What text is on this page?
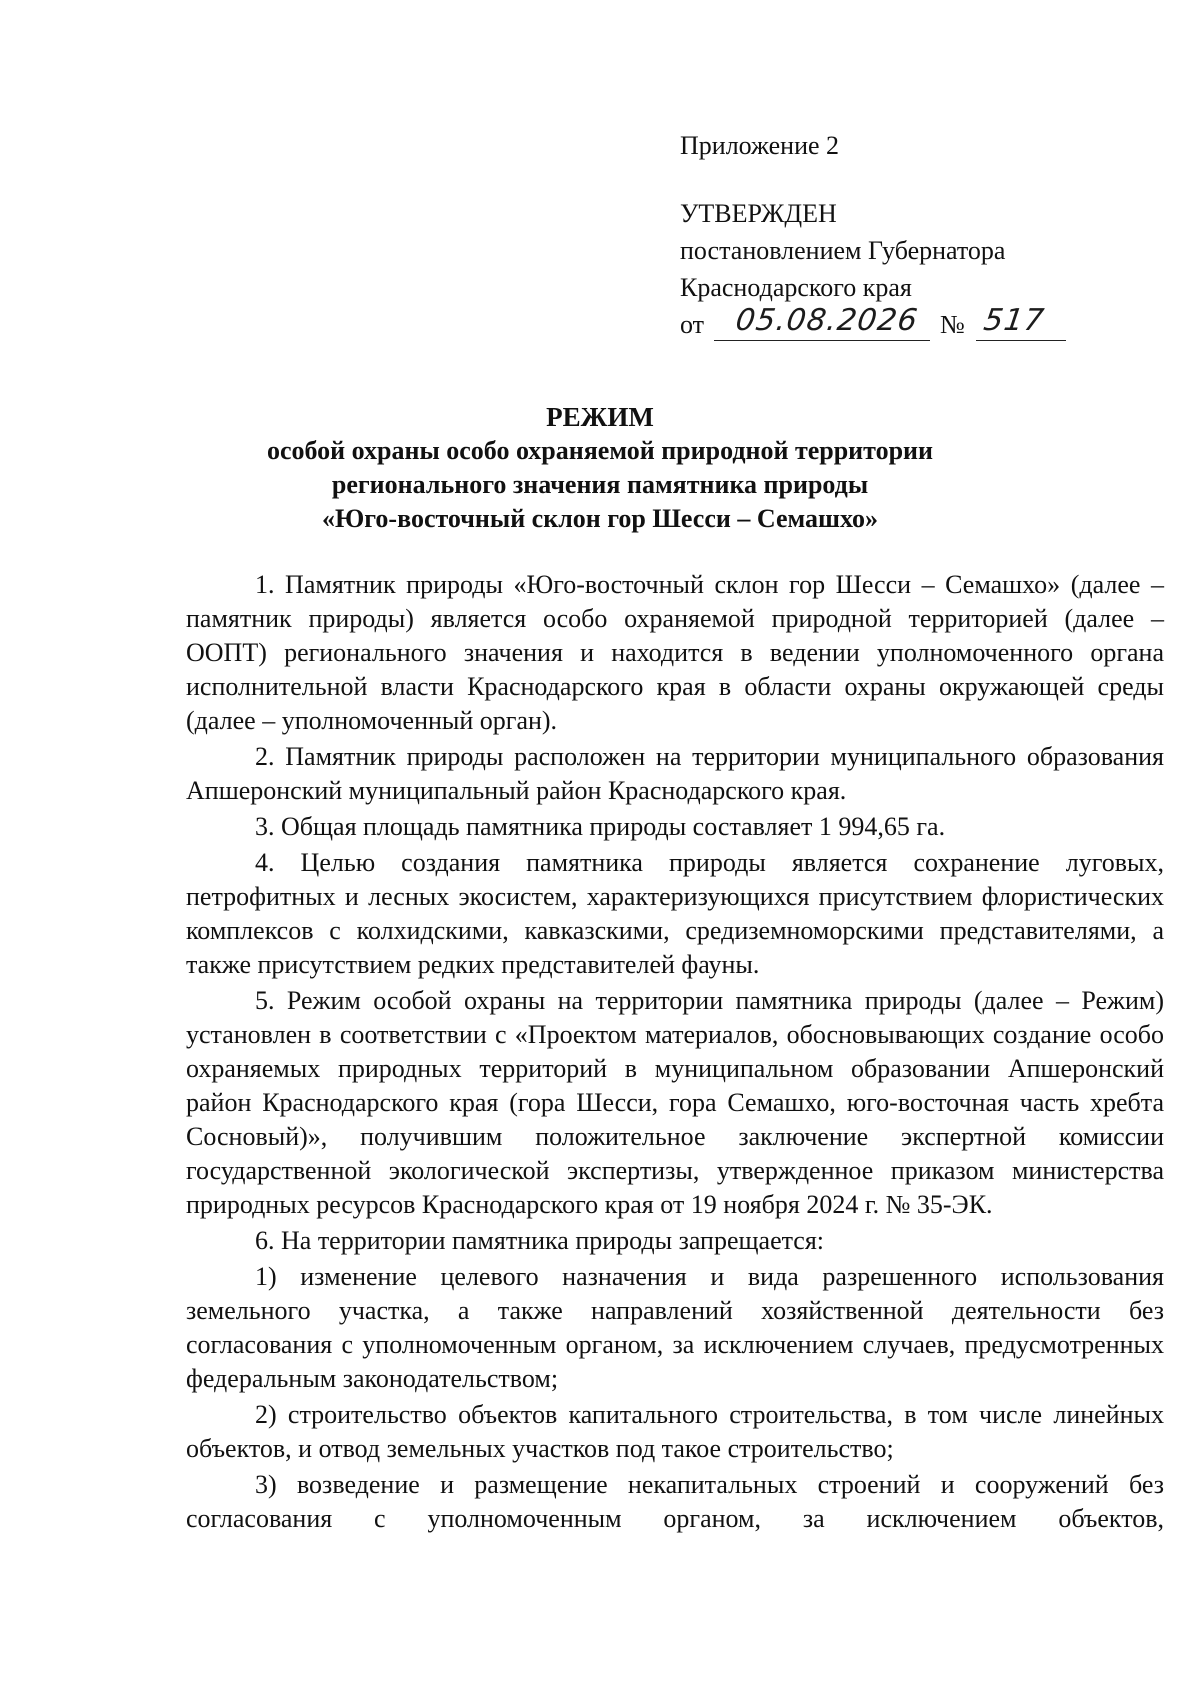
Приложение 2
УТВЕРЖДЕН
постановлением Губернатора
Краснодарского края
от 05.08.2026 № 517
РЕЖИМ
особой охраны особо охраняемой природной территории
регионального значения памятника природы
«Юго-восточный склон гор Шесси – Семашхо»

1. Памятник природы «Юго-восточный склон гор Шесси – Семашхо» (далее – памятник природы) является особо охраняемой природной территорией (далее – ООПТ) регионального значения и находится в ведении уполномоченного органа исполнительной власти Краснодарского края в области охраны окружающей среды (далее – уполномоченный орган).

2. Памятник природы расположен на территории муниципального образования Апшеронский муниципальный район Краснодарского края.

3. Общая площадь памятника природы составляет 1 994,65 га.

4. Целью создания памятника природы является сохранение луговых, петрофитных и лесных экосистем, характеризующихся присутствием флористических комплексов с колхидскими, кавказскими, средиземноморскими представителями, а также присутствием редких представителей фауны.

5. Режим особой охраны на территории памятника природы (далее – Режим) установлен в соответствии с «Проектом материалов, обосновывающих создание особо охраняемых природных территорий в муниципальном образовании Апшеронский район Краснодарского края (гора Шесси, гора Семашхо, юго-восточная часть хребта Сосновый)», получившим положительное заключение экспертной комиссии государственной экологической экспертизы, утвержденное приказом министерства природных ресурсов Краснодарского края от 19 ноября 2024 г. № 35-ЭК.

6. На территории памятника природы запрещается:

1) изменение целевого назначения и вида разрешенного использования земельного участка, а также направлений хозяйственной деятельности без согласования с уполномоченным органом, за исключением случаев, предусмотренных федеральным законодательством;

2) строительство объектов капитального строительства, в том числе линейных объектов, и отвод земельных участков под такое строительство;

3) возведение и размещение некапитальных строений и сооружений без согласования с уполномоченным органом, за исключением объектов,
